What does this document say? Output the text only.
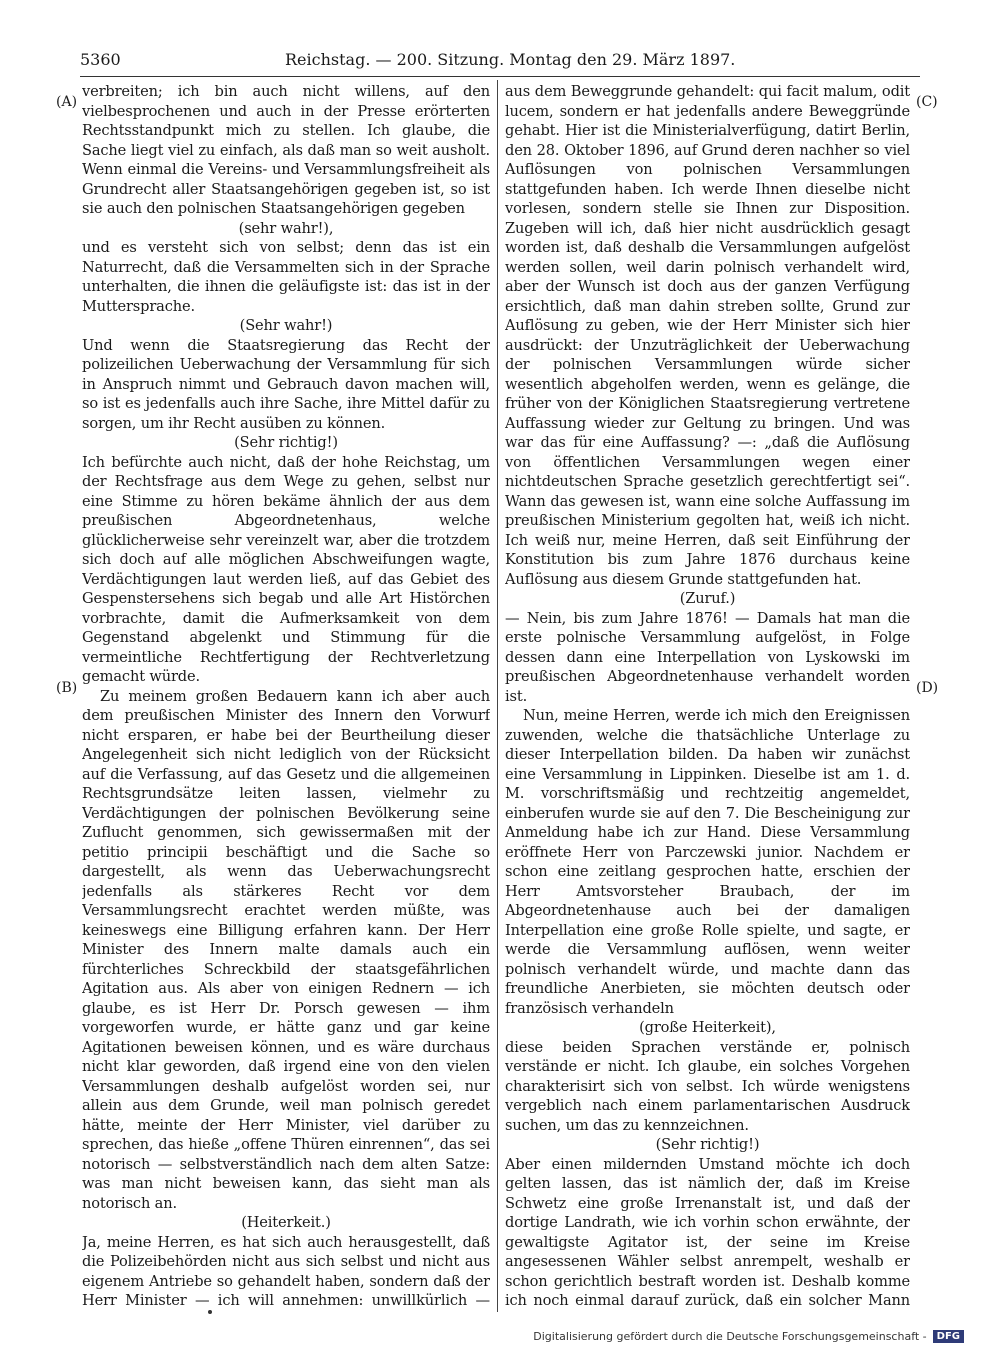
5360	Reichstag. — 200. Sitzung. Montag den 29. März 1897.
(A)
(B)
(C)
(D)

verbreiten; ich bin auch nicht willens, auf den vielbesprochenen und auch in der Presse erörterten Rechtsstandpunkt mich zu stellen. Ich glaube, die Sache liegt viel zu einfach, als daß man so weit ausholt. Wenn einmal die Vereins- und Versammlungsfreiheit als Grundrecht aller Staatsangehörigen gegeben ist, so ist sie auch den polnischen Staatsangehörigen gegeben

(sehr wahr!),

und es versteht sich von selbst; denn das ist ein Naturrecht, daß die Versammelten sich in der Sprache unterhalten, die ihnen die geläufigste ist: das ist in der Muttersprache.

(Sehr wahr!)

Und wenn die Staatsregierung das Recht der polizeilichen Ueberwachung der Versammlung für sich in Anspruch nimmt und Gebrauch davon machen will, so ist es jedenfalls auch ihre Sache, ihre Mittel dafür zu sorgen, um ihr Recht ausüben zu können.

(Sehr richtig!)

Ich befürchte auch nicht, daß der hohe Reichstag, um der Rechtsfrage aus dem Wege zu gehen, selbst nur eine Stimme zu hören bekäme ähnlich der aus dem preußischen Abgeordnetenhaus, welche glücklicherweise sehr vereinzelt war, aber die trotzdem sich doch auf alle möglichen Abschweifungen wagte, Verdächtigungen laut werden ließ, auf das Gebiet des Gespenstersehens sich begab und alle Art Histörchen vorbrachte, damit die Aufmerksamkeit von dem Gegenstand abgelenkt und Stimmung für die vermeintliche Rechtfertigung der Rechtverletzung gemacht würde.

Zu meinem großen Bedauern kann ich aber auch dem preußischen Minister des Innern den Vorwurf nicht ersparen, er habe bei der Beurtheilung dieser Angelegenheit sich nicht lediglich von der Rücksicht auf die Verfassung, auf das Gesetz und die allgemeinen Rechtsgrundsätze leiten lassen, vielmehr zu Verdächtigungen der polnischen Bevölkerung seine Zuflucht genommen, sich gewissermaßen mit der petitio principii beschäftigt und die Sache so dargestellt, als wenn das Ueberwachungsrecht jedenfalls als stärkeres Recht vor dem Versammlungsrecht erachtet werden müßte, was keineswegs eine Billigung erfahren kann. Der Herr Minister des Innern malte damals auch ein fürchterliches Schreckbild der staatsgefährlichen Agitation aus. Als aber von einigen Rednern — ich glaube, es ist Herr Dr. Porsch gewesen — ihm vorgeworfen wurde, er hätte ganz und gar keine Agitationen beweisen können, und es wäre durchaus nicht klar geworden, daß irgend eine von den vielen Versammlungen deshalb aufgelöst worden sei, nur allein aus dem Grunde, weil man polnisch geredet hätte, meinte der Herr Minister, viel darüber zu sprechen, das hieße „offene Thüren einrennen“, das sei notorisch — selbstverständlich nach dem alten Satze: was man nicht beweisen kann, das sieht man als notorisch an.

(Heiterkeit.)

Ja, meine Herren, es hat sich auch herausgestellt, daß die Polizeibehörden nicht aus sich selbst und nicht aus eigenem Antriebe so gehandelt haben, sondern daß der Herr Minister — ich will annehmen: unwillkürlich —

aus dem Beweggrunde gehandelt: qui facit malum, odit lucem, sondern er hat jedenfalls andere Beweggründe gehabt. Hier ist die Ministerialverfügung, datirt Berlin, den 28. Oktober 1896, auf Grund deren nachher so viel Auflösungen von polnischen Versammlungen stattgefunden haben. Ich werde Ihnen dieselbe nicht vorlesen, sondern stelle sie Ihnen zur Disposition. Zugeben will ich, daß hier nicht ausdrücklich gesagt worden ist, daß deshalb die Versammlungen aufgelöst werden sollen, weil darin polnisch verhandelt wird, aber der Wunsch ist doch aus der ganzen Verfügung ersichtlich, daß man dahin streben sollte, Grund zur Auflösung zu geben, wie der Herr Minister sich hier ausdrückt: der Unzuträglichkeit der Ueberwachung der polnischen Versammlungen würde sicher wesentlich abgeholfen werden, wenn es gelänge, die früher von der Königlichen Staatsregierung vertretene Auffassung wieder zur Geltung zu bringen. Und was war das für eine Auffassung? —: „daß die Auflösung von öffentlichen Versammlungen wegen einer nichtdeutschen Sprache gesetzlich gerechtfertigt sei“. Wann das gewesen ist, wann eine solche Auffassung im preußischen Ministerium gegolten hat, weiß ich nicht. Ich weiß nur, meine Herren, daß seit Einführung der Konstitution bis zum Jahre 1876 durchaus keine Auflösung aus diesem Grunde stattgefunden hat.

(Zuruf.)

— Nein, bis zum Jahre 1876! — Damals hat man die erste polnische Versammlung aufgelöst, in Folge dessen dann eine Interpellation von Lyskowski im preußischen Abgeordnetenhause verhandelt worden ist.

Nun, meine Herren, werde ich mich den Ereignissen zuwenden, welche die thatsächliche Unterlage zu dieser Interpellation bilden. Da haben wir zunächst eine Versammlung in Lippinken. Dieselbe ist am 1. d. M. vorschriftsmäßig und rechtzeitig angemeldet, einberufen wurde sie auf den 7. Die Bescheinigung zur Anmeldung habe ich zur Hand. Diese Versammlung eröffnete Herr von Parczewski junior. Nachdem er schon eine zeitlang gesprochen hatte, erschien der Herr Amtsvorsteher Braubach, der im Abgeordnetenhause auch bei der damaligen Interpellation eine große Rolle spielte, und sagte, er werde die Versammlung auflösen, wenn weiter polnisch verhandelt würde, und machte dann das freundliche Anerbieten, sie möchten deutsch oder französisch verhandeln

(große Heiterkeit),

diese beiden Sprachen verstände er, polnisch verstände er nicht. Ich glaube, ein solches Vorgehen charakterisirt sich von selbst. Ich würde wenigstens vergeblich nach einem parlamentarischen Ausdruck suchen, um das zu kennzeichnen.

(Sehr richtig!)

Aber einen mildernden Umstand möchte ich doch gelten lassen, das ist nämlich der, daß im Kreise Schwetz eine große Irrenanstalt ist, und daß der dortige Landrath, wie ich vorhin schon erwähnte, der gewaltigste Agitator ist, der seine im Kreise angesessenen Wähler selbst anrempelt, weshalb er schon gerichtlich bestraft worden ist. Deshalb komme ich noch einmal darauf zurück, daß ein solcher Mann

Digitalisierung gefördert durch die Deutsche Forschungsgemeinschaft -	DFG
